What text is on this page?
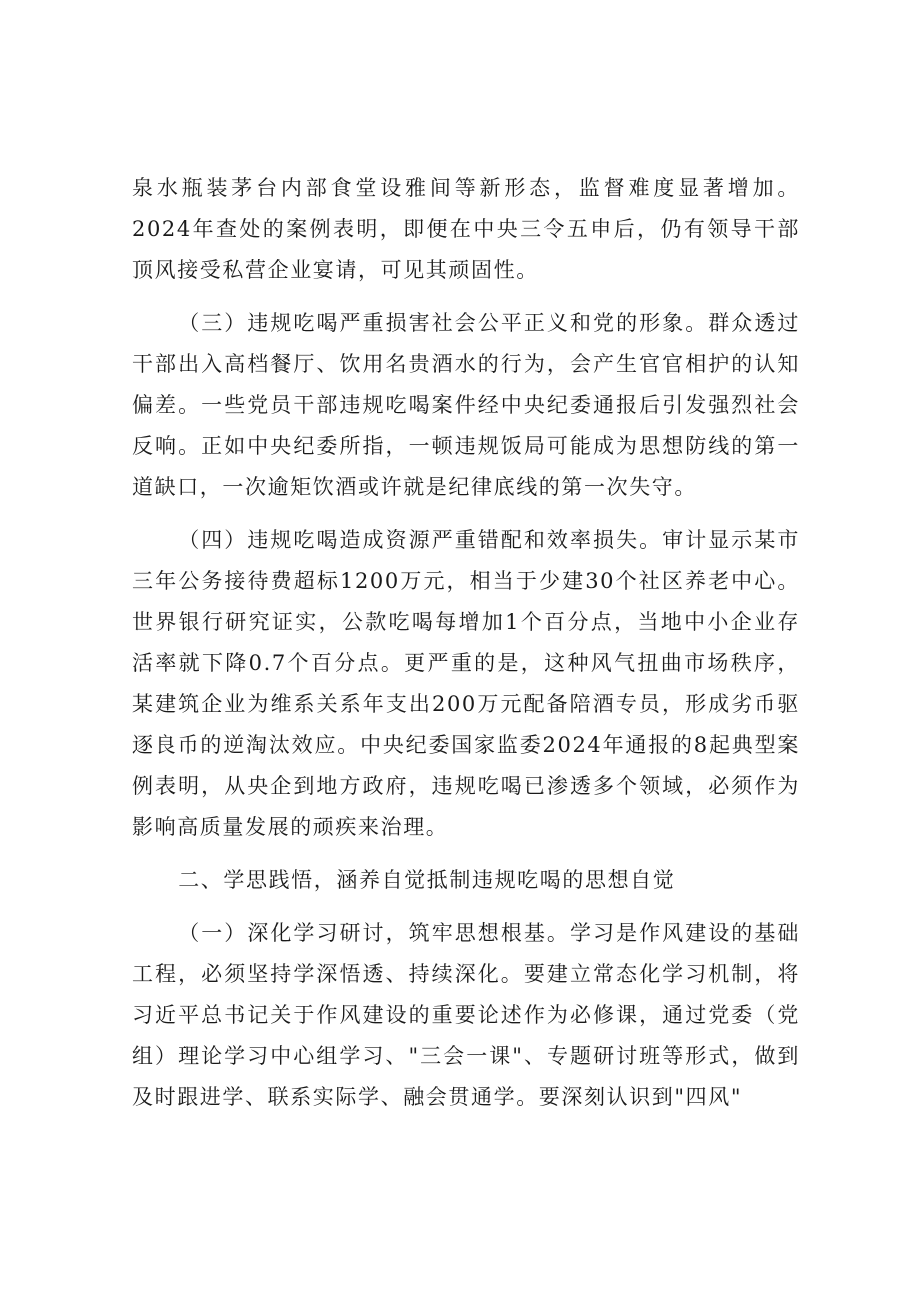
泉水瓶装茅台内部食堂设雅间等新形态，监督难度显著增加。2024年查处的案例表明，即便在中央三令五申后，仍有领导干部顶风接受私营企业宴请，可见其顽固性。

（三）违规吃喝严重损害社会公平正义和党的形象。群众透过干部出入高档餐厅、饮用名贵酒水的行为，会产生官官相护的认知偏差。一些党员干部违规吃喝案件经中央纪委通报后引发强烈社会反响。正如中央纪委所指，一顿违规饭局可能成为思想防线的第一道缺口，一次逾矩饮酒或许就是纪律底线的第一次失守。

（四）违规吃喝造成资源严重错配和效率损失。审计显示某市三年公务接待费超标1200万元，相当于少建30个社区养老中心。世界银行研究证实，公款吃喝每增加1个百分点，当地中小企业存活率就下降0.7个百分点。更严重的是，这种风气扭曲市场秩序，某建筑企业为维系关系年支出200万元配备陪酒专员，形成劣币驱逐良币的逆淘汰效应。中央纪委国家监委2024年通报的8起典型案例表明，从央企到地方政府，违规吃喝已渗透多个领域，必须作为影响高质量发展的顽疾来治理。

二、学思践悟，涵养自觉抵制违规吃喝的思想自觉

（一）深化学习研讨，筑牢思想根基。学习是作风建设的基础工程，必须坚持学深悟透、持续深化。要建立常态化学习机制，将习近平总书记关于作风建设的重要论述作为必修课，通过党委（党组）理论学习中心组学习、"三会一课"、专题研讨班等形式，做到及时跟进学、联系实际学、融会贯通学。要深刻认识到"四风"
